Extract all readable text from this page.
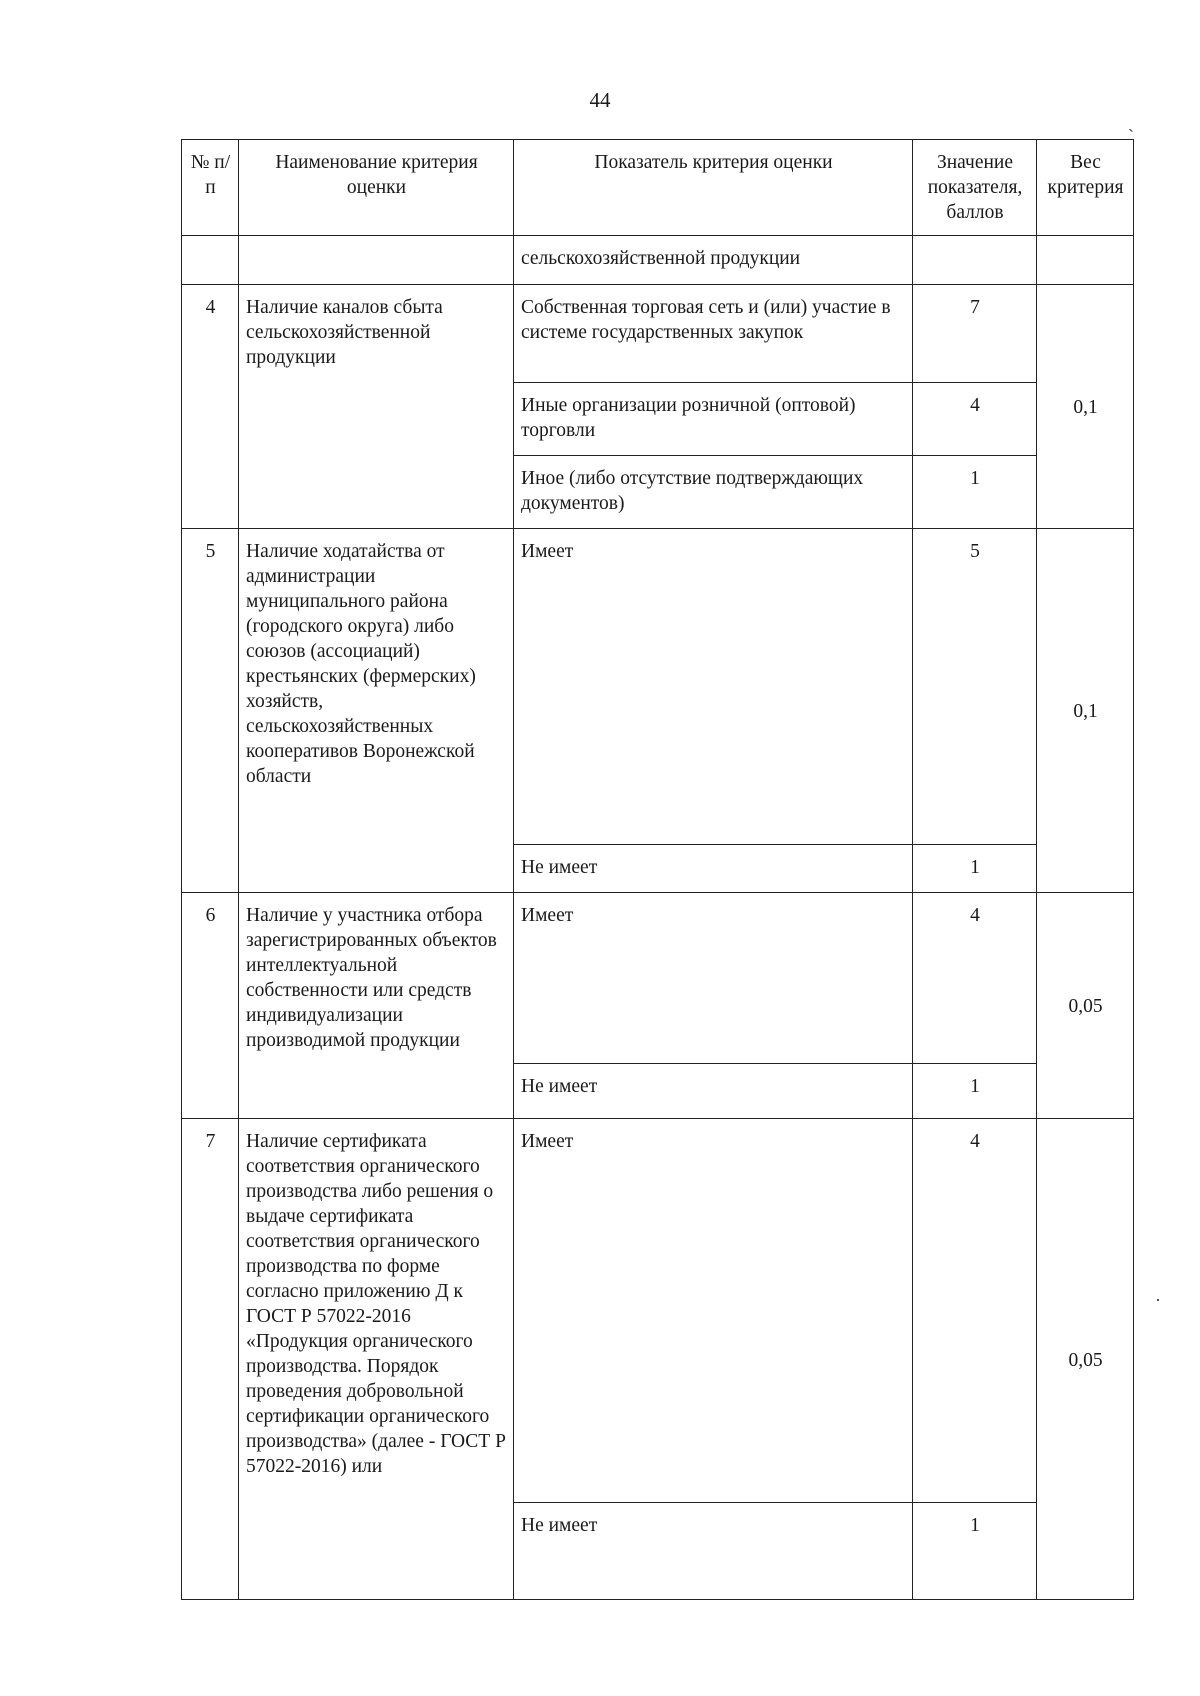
44
ˏ
·
№ п/п	Наименование критерия оценки	Показатель критерия оценки	Значение показателя, баллов	Вес критерия
		сельскохозяйственной продукции		
4	Наличие каналов сбыта сельскохозяйственной продукции	Собственная торговая сеть и (или) участие в системе государственных закупок	7	0,1
		Иные организации розничной (оптовой) торговли	4	
		Иное (либо отсутствие подтверждающих документов)	1	
5	Наличие ходатайства от администрации муниципального района (городского округа) либо союзов (ассоциаций) крестьянских (фермерских) хозяйств, сельскохозяйственных кооперативов Воронежской области	Имеет	5	0,1
		Не имеет	1	
6	Наличие у участника отбора зарегистрированных объектов интеллектуальной собственности или средств индивидуализации производимой продукции	Имеет	4	0,05
		Не имеет	1	
7	Наличие сертификата соответствия органического производства либо решения о выдаче сертификата соответствия органического производства по форме согласно приложению Д к ГОСТ Р 57022-2016 «Продукция органического производства. Порядок проведения добровольной сертификации органического производства» (далее - ГОСТ Р 57022-2016) или	Имеет	4	0,05
		Не имеет	1	
